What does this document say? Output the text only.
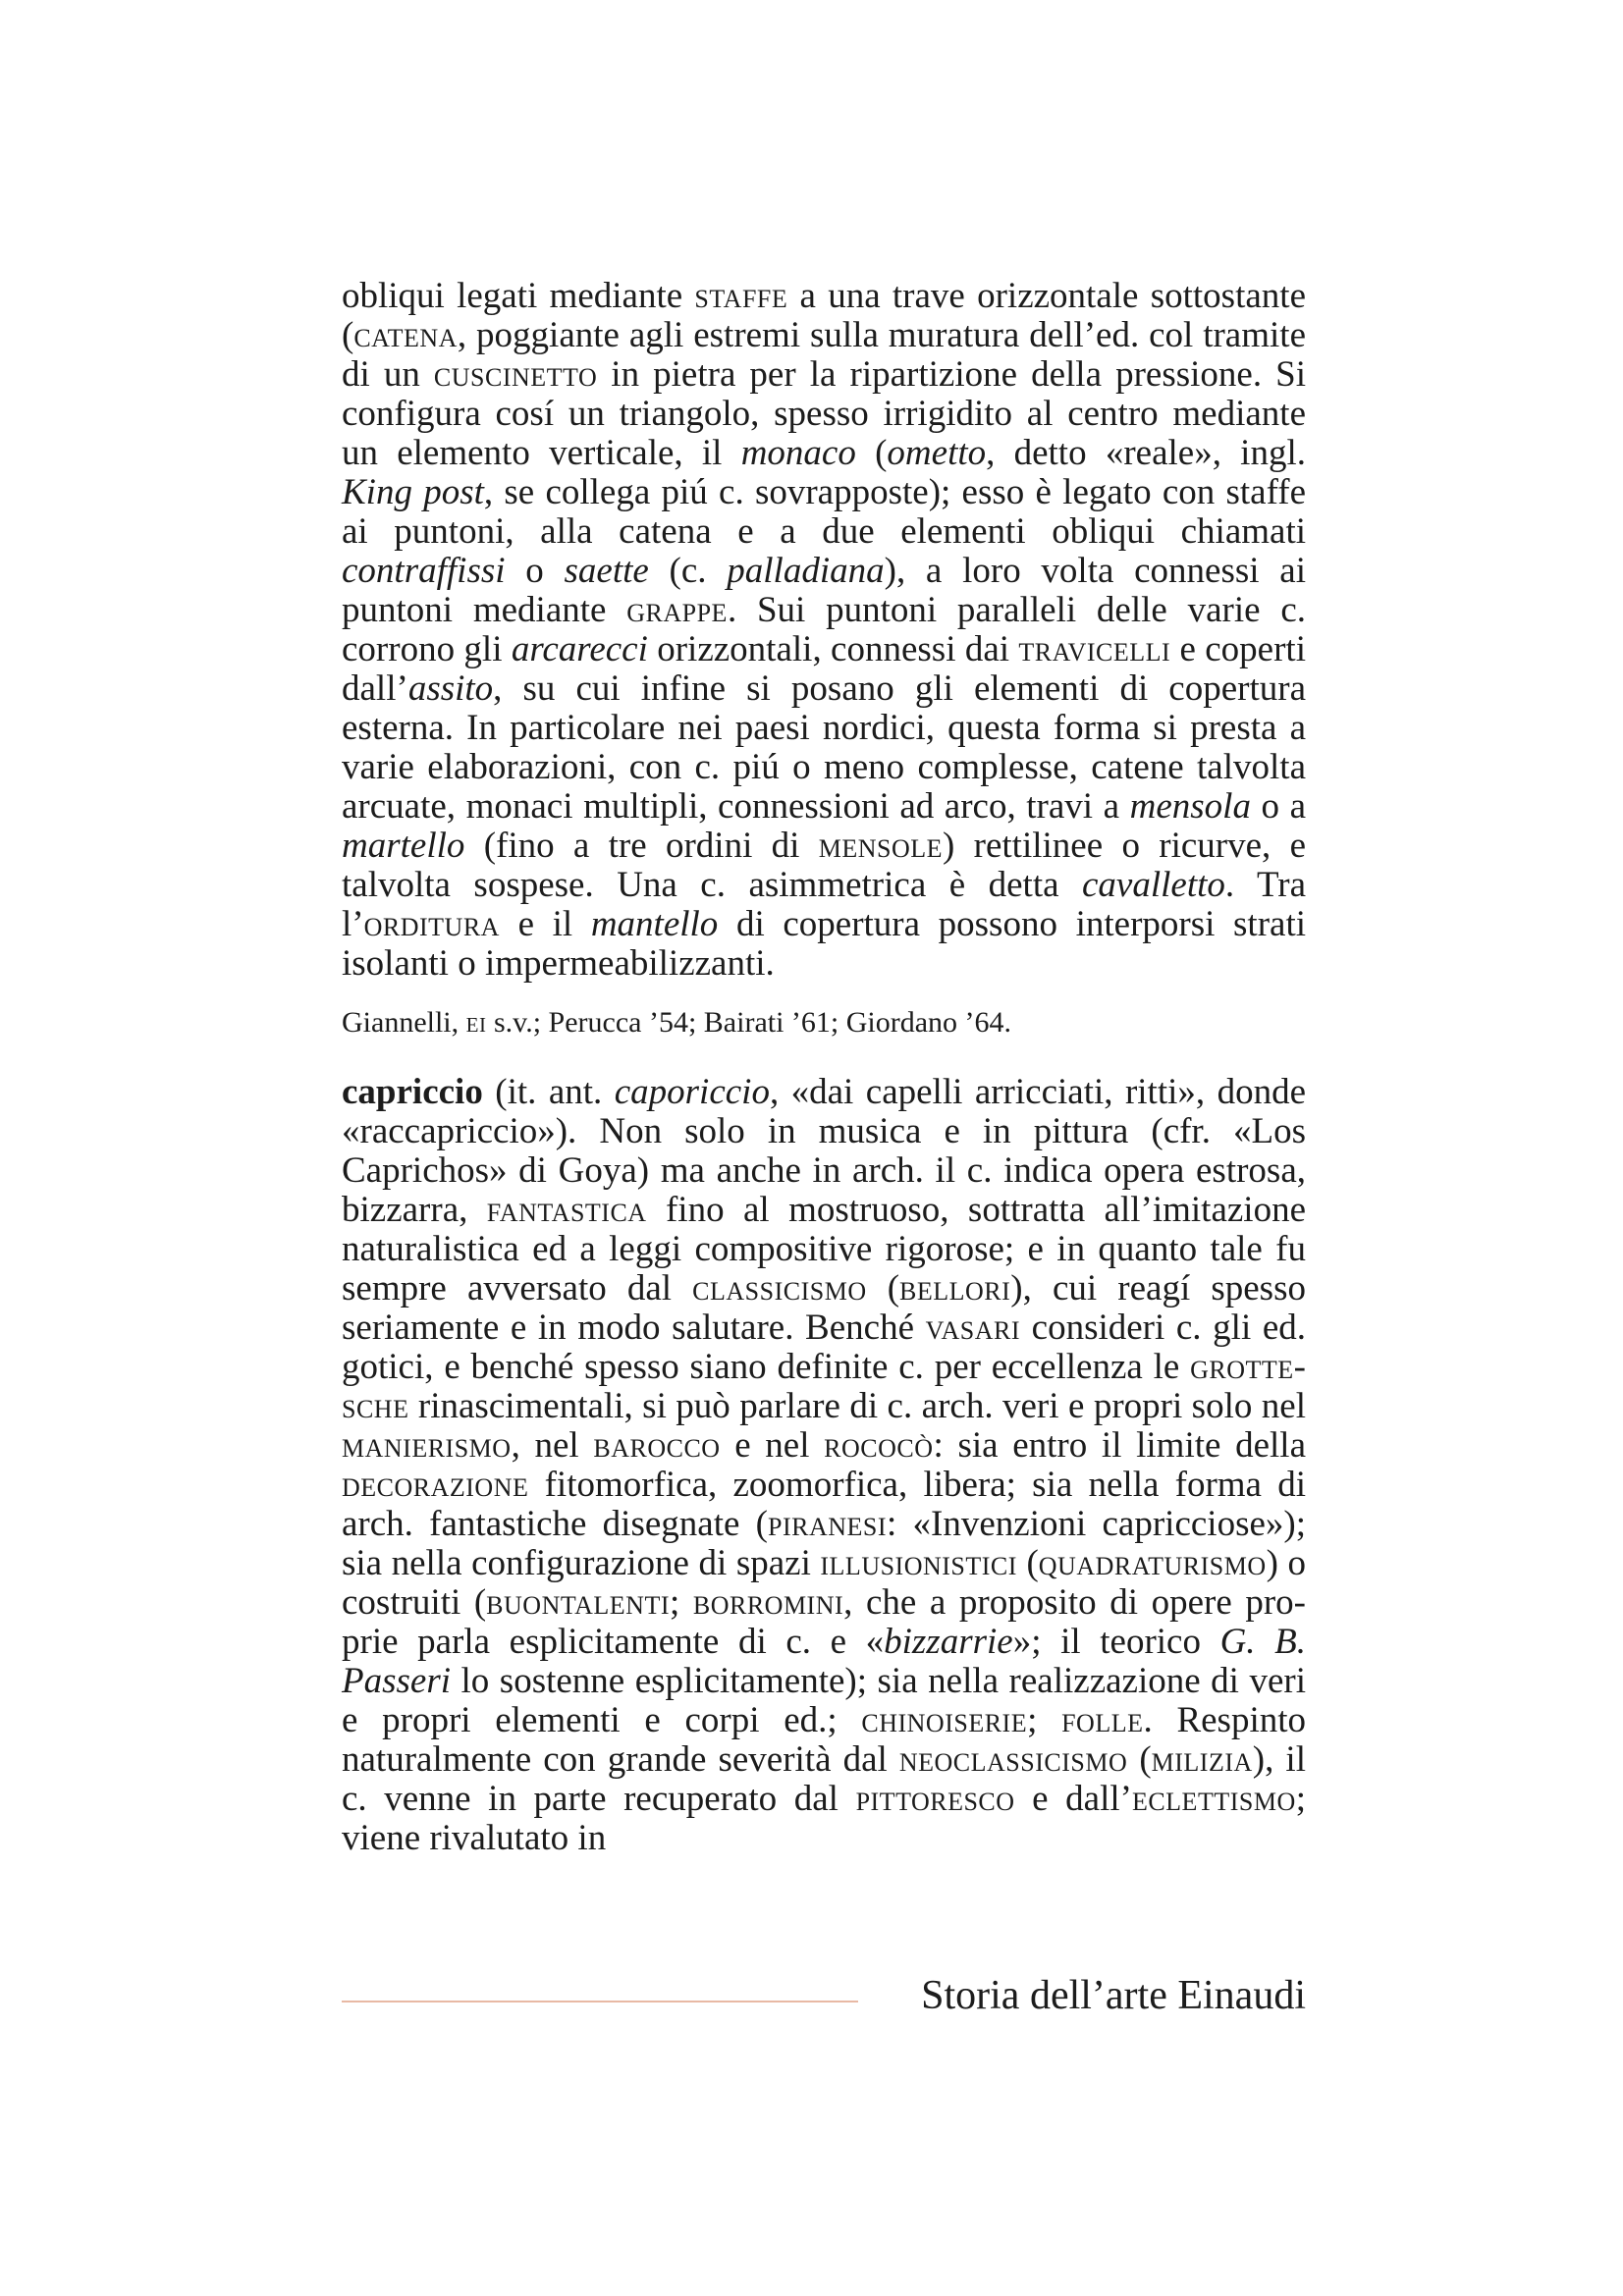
obliqui legati mediante staffe a una trave orizzontale sottostante (catena, poggiante agli estremi sulla muratura dell’ed. col tramite di un cuscinetto in pietra per la ripartizione della pressione. Si configura cosí un triangolo, spesso irrigidito al centro mediante un elemento verticale, il monaco (ometto, detto «reale», ingl. King post, se collega piú c. sovrapposte); esso è legato con staffe ai puntoni, alla catena e a due elementi obliqui chiamati contraffissi o saette (c. palladiana), a loro volta connessi ai puntoni mediante grappe. Sui puntoni paralleli delle varie c. corrono gli arcarecci orizzontali, connessi dai travicelli e coperti dall’assito, su cui infine si posano gli elementi di copertura esterna. In particolare nei paesi nordici, questa forma si presta a varie elaborazioni, con c. piú o meno complesse, catene talvolta arcuate, monaci multipli, connessioni ad arco, travi a mensola o a martello (fino a tre ordini di mensole) rettilinee o ricurve, e talvolta sospese. Una c. asimmetrica è detta cavalletto. Tra l’orditura e il mantello di copertura possono interporsi strati isolanti o impermeabilizzanti.

Giannelli, ei s.v.; Perucca ’54; Bairati ’61; Giordano ’64.

capriccio (it. ant. caporiccio, «dai capelli arricciati, ritti», donde «raccapriccio»). Non solo in musica e in pittura (cfr. «Los Caprichos» di Goya) ma anche in arch. il c. indica opera estrosa, bizzarra, fantastica fino al mostruoso, sottratta all’imitazione naturalistica ed a leggi compositive rigorose; e in quanto tale fu sempre avversato dal classicismo (bellori), cui reagí spesso seriamente e in modo salutare. Benché vasari consideri c. gli ed. gotici, e benché spesso siano definite c. per eccellenza le grottesche rinascimentali, si può parlare di c. arch. veri e propri solo nel manierismo, nel barocco e nel rococò: sia entro il limite della decorazione fitomorfica, zoomorfica, libera; sia nella forma di arch. fantastiche disegnate (piranesi: «Invenzioni capricciose»); sia nella configurazione di spazi illusionistici (quadraturismo) o costruiti (buontalenti; borromini, che a proposito di opere proprie parla esplicitamente di c. e «bizzarrie»; il teorico G. B. Passeri lo sostenne esplicitamente); sia nella realizzazione di veri e propri elementi e corpi ed.; chinoiserie; folle. Respinto naturalmente con grande severità dal neoclassicismo (milizia), il c. venne in parte recuperato dal pittoresco e dall’eclettismo; viene rivalutato in

Storia dell’arte Einaudi
